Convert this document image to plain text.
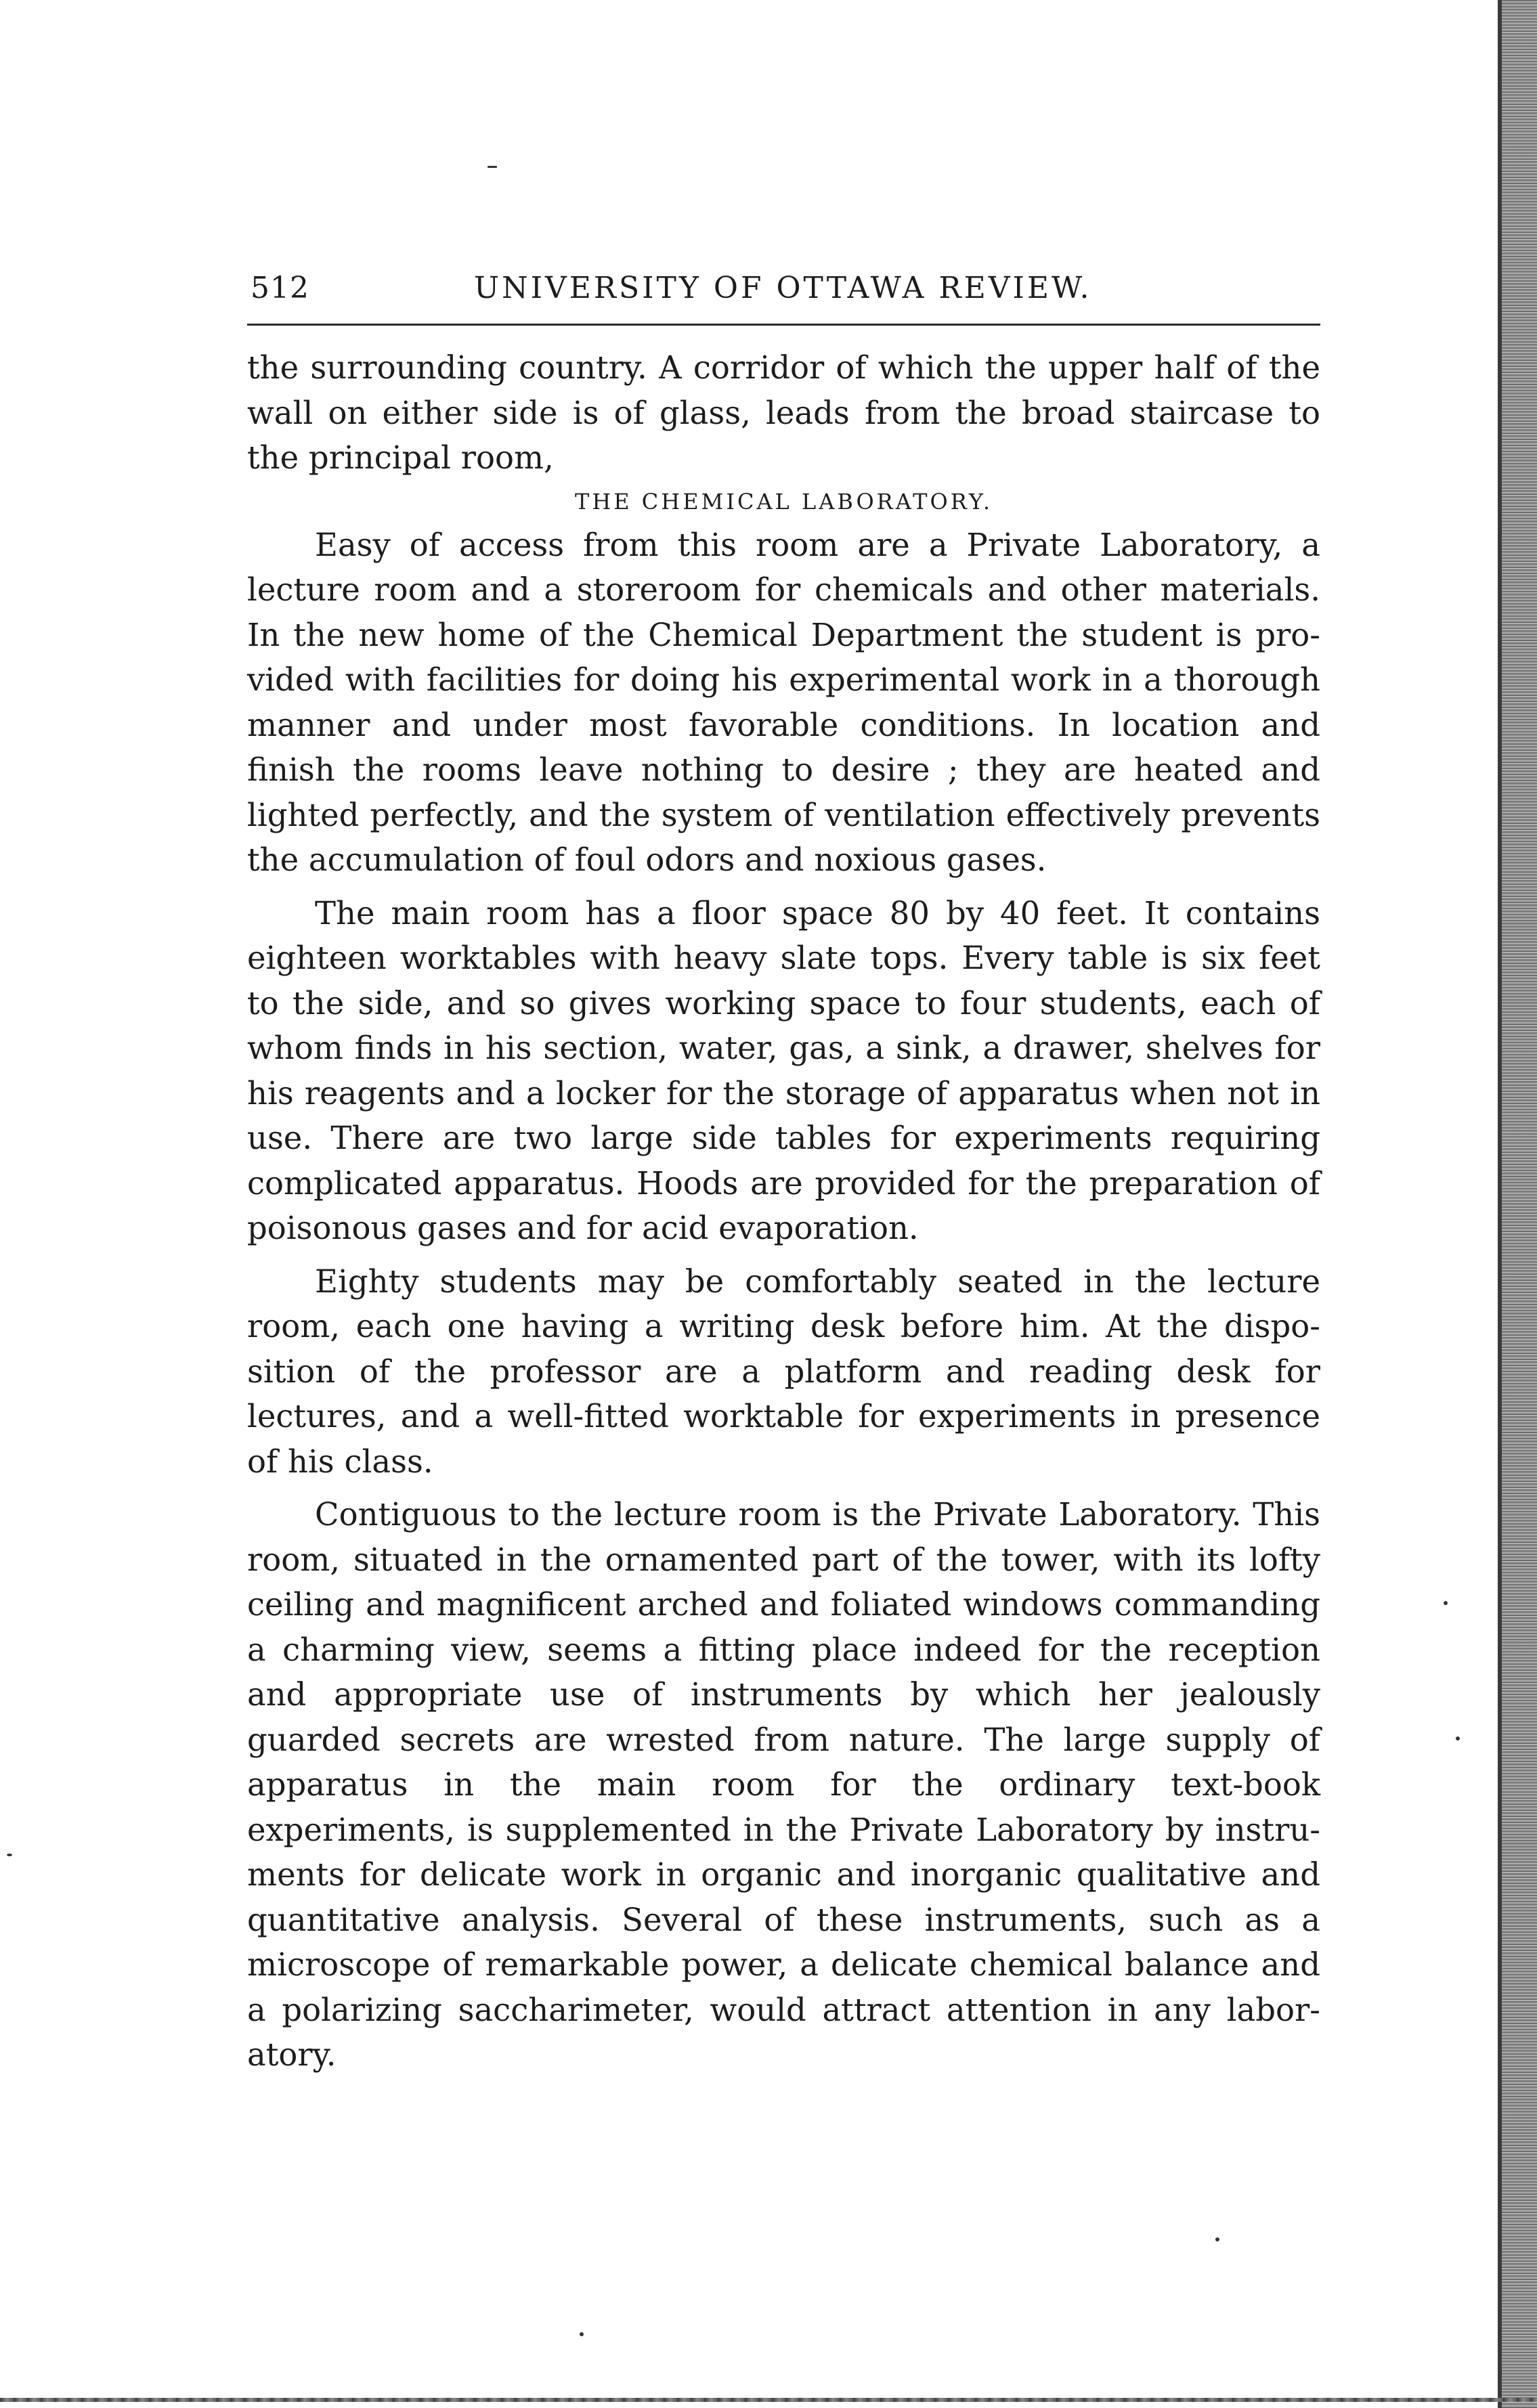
512	UNIVERSITY OF OTTAWA REVIEW.

the surrounding country. A corridor of which the upper half of the wall on either side is of glass, leads from the broad staircase to the principal room,

THE CHEMICAL LABORATORY.

Easy of access from this room are a Private Laboratory, a lecture room and a storeroom for chemicals and other materials. In the new home of the Chemical Department the student is provided with facilities for doing his experimental work in a thorough manner and under most favorable conditions. In location and finish the rooms leave nothing to desire ; they are heated and lighted perfectly, and the system of ventilation effectively prevents the accumulation of foul odors and noxious gases.

The main room has a floor space 80 by 40 feet. It contains eighteen worktables with heavy slate tops. Every table is six feet to the side, and so gives working space to four students, each of whom finds in his section, water, gas, a sink, a drawer, shelves for his reagents and a locker for the storage of apparatus when not in use. There are two large side tables for experiments requiring complicated apparatus. Hoods are provided for the preparation of poisonous gases and for acid evaporation.

Eighty students may be comfortably seated in the lecture room, each one having a writing desk before him. At the disposition of the professor are a platform and reading desk for lectures, and a well-fitted worktable for experiments in presence of his class.

Contiguous to the lecture room is the Private Laboratory. This room, situated in the ornamented part of the tower, with its lofty ceiling and magnificent arched and foliated windows commanding a charming view, seems a fitting place indeed for the reception and appropriate use of instruments by which her jealously guarded secrets are wrested from nature. The large supply of apparatus in the main room for the ordinary text-book experiments, is supplemented in the Private Laboratory by instruments for delicate work in organic and inorganic qualitative and quantitative analysis. Several of these instruments, such as a microscope of remarkable power, a delicate chemical balance and a polarizing saccharimeter, would attract attention in any laboratory.
